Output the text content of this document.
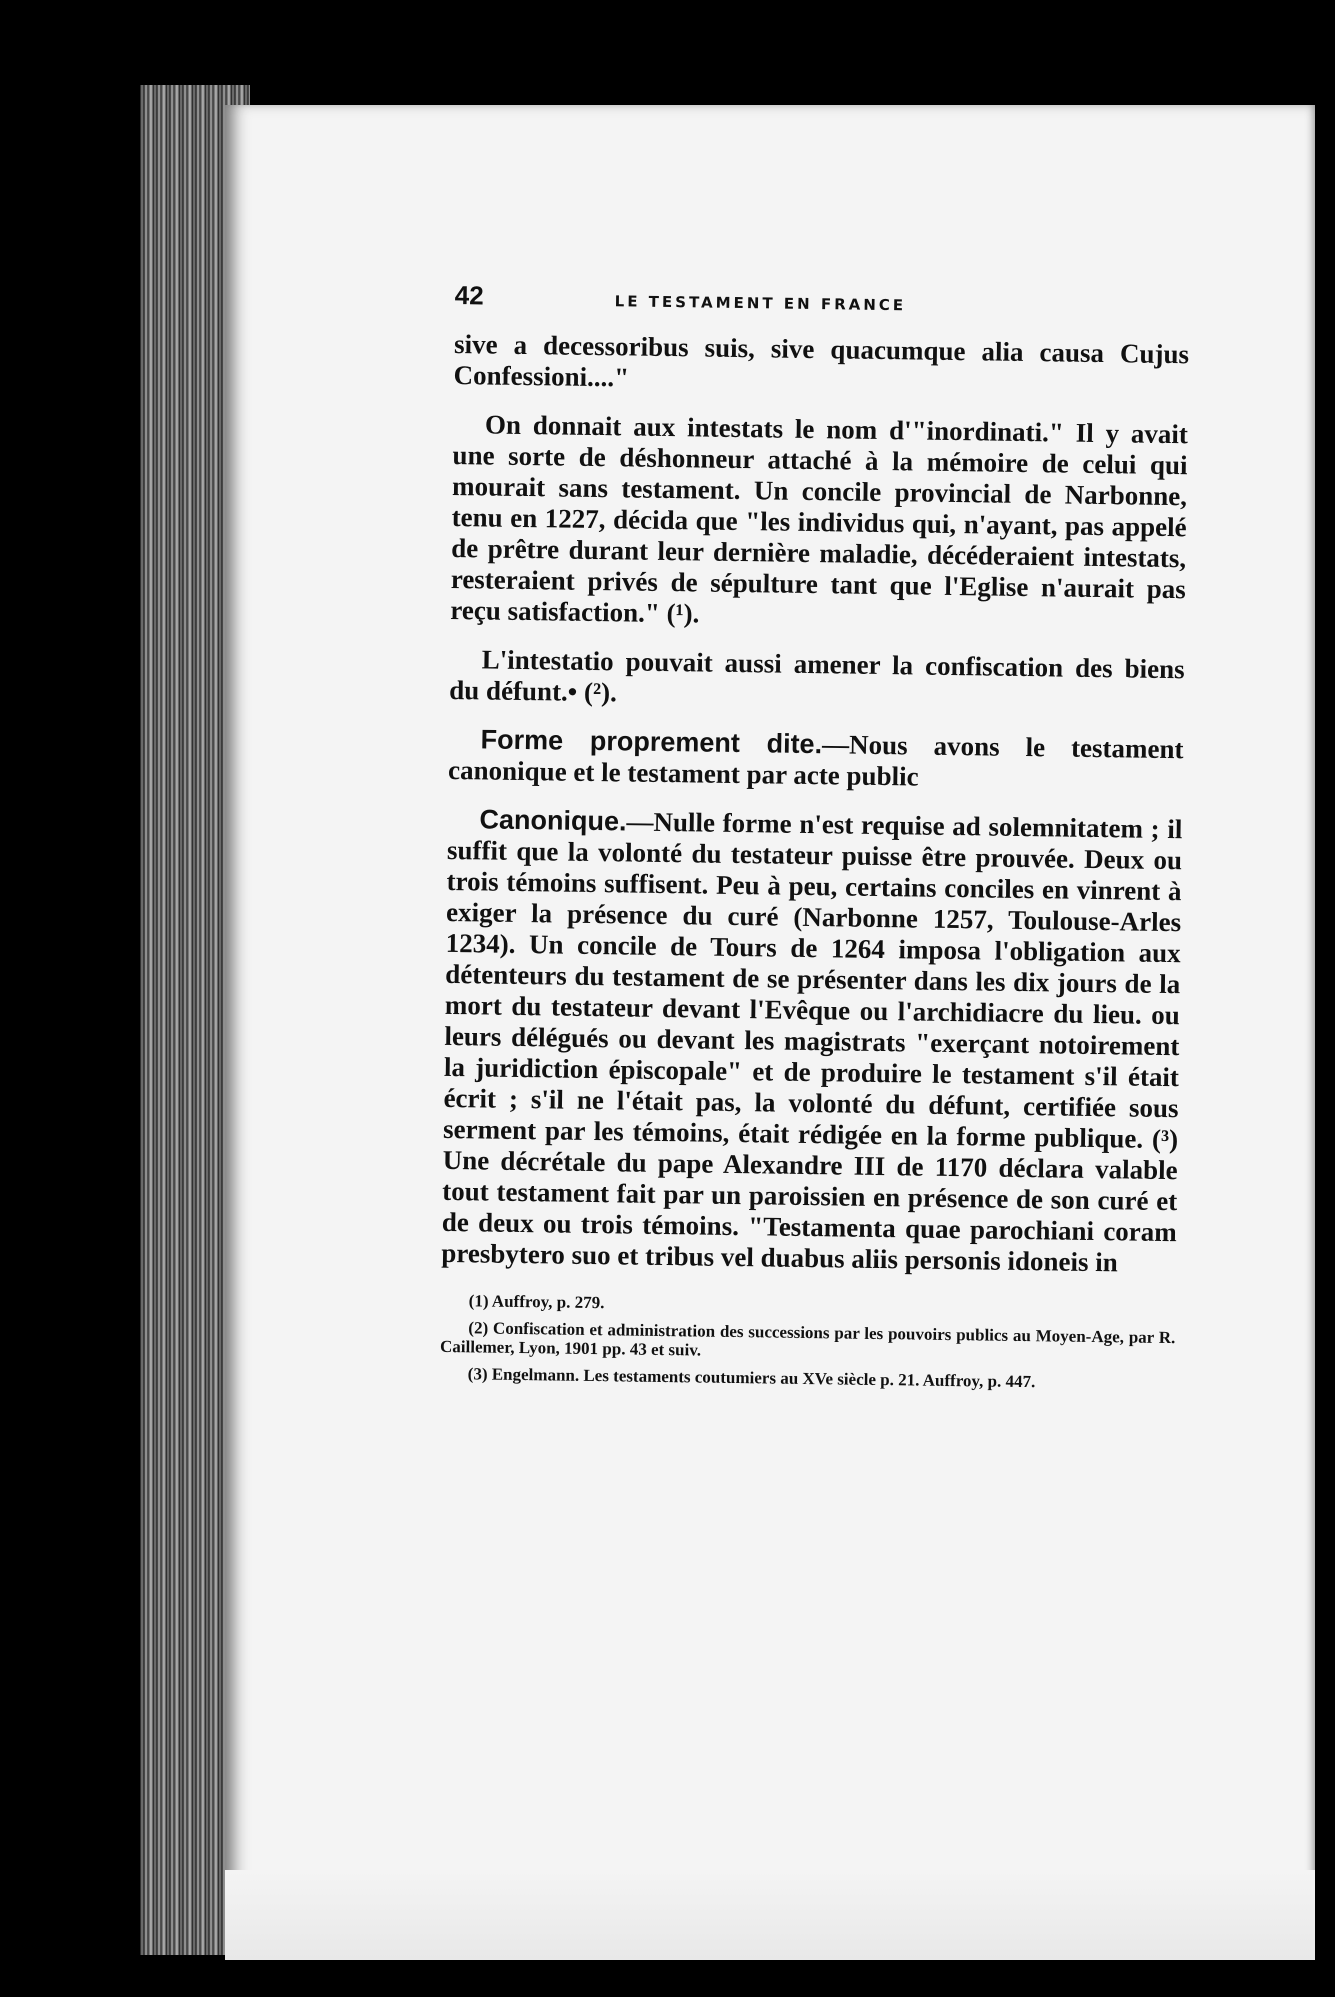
42	LE TESTAMENT EN FRANCE

sive a decessoribus suis, sive quacumque alia causa Cujus Confessioni...."

On donnait aux intestats le nom d'"inordinati." Il y avait une sorte de déshonneur attaché à la mémoire de celui qui mourait sans testament. Un concile provincial de Narbonne, tenu en 1227, décida que "les individus qui, n'ayant, pas appelé de prêtre durant leur dernière maladie, décéderaient intestats, resteraient privés de sépulture tant que l'Eglise n'aurait pas reçu satisfaction." (¹).

L'intestatio pouvait aussi amener la confiscation des biens du défunt.• (²).

Forme proprement dite.—Nous avons le testament canonique et le testament par acte public

Canonique.—Nulle forme n'est requise ad solemnitatem ; il suffit que la volonté du testateur puisse être prouvée. Deux ou trois témoins suffisent. Peu à peu, certains conciles en vinrent à exiger la présence du curé (Narbonne 1257, Toulouse-Arles 1234). Un concile de Tours de 1264 imposa l'obligation aux détenteurs du testament de se présenter dans les dix jours de la mort du testateur devant l'Evêque ou l'archidiacre du lieu. ou leurs délégués ou devant les magistrats "exerçant notoirement la juridiction épiscopale" et de produire le testament s'il était écrit ; s'il ne l'était pas, la volonté du défunt, certifiée sous serment par les témoins, était rédigée en la forme publique. (³) Une décrétale du pape Alexandre III de 1170 déclara valable tout testament fait par un paroissien en présence de son curé et de deux ou trois témoins. "Testamenta quae parochiani coram presbytero suo et tribus vel duabus aliis personis idoneis in

(1) Auffroy, p. 279.

(2) Confiscation et administration des successions par les pouvoirs publics au Moyen-Age, par R. Caillemer, Lyon, 1901 pp. 43 et suiv.

(3) Engelmann. Les testaments coutumiers au XVe siècle p. 21. Auffroy, p. 447.
